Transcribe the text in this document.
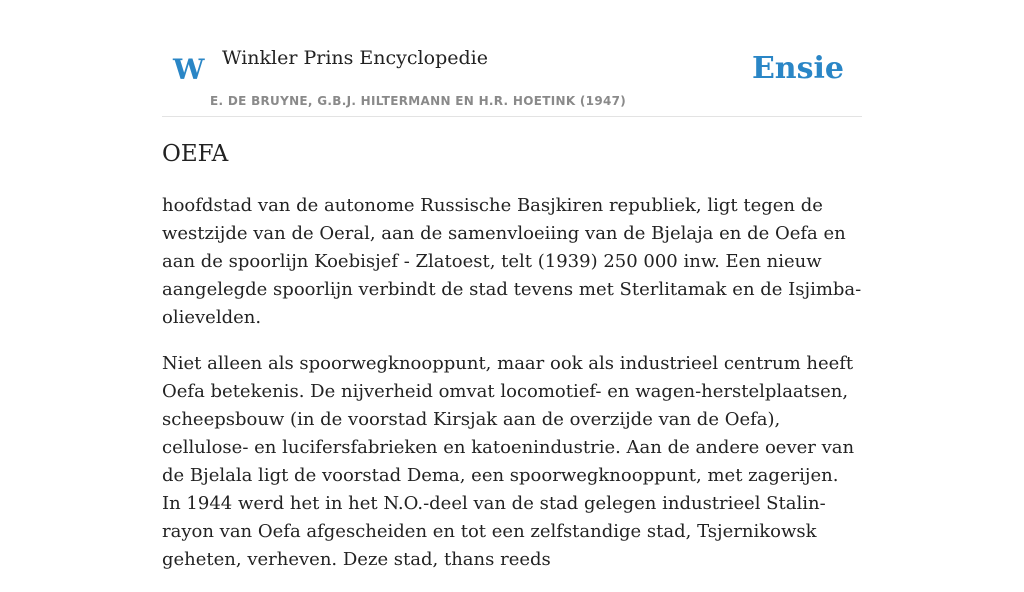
W Winkler Prins Encyclopedie	Ensie
E. DE BRUYNE, G.B.J. HILTERMANN EN H.R. HOETINK (1947)
OEFA

hoofdstad van de autonome Russische Basjkiren republiek, ligt tegen de westzijde van de Oeral, aan de samenvloeiing van de Bjelaja en de Oefa en aan de spoorlijn Koebisjef - Zlatoest, telt (1939) 250 000 inw. Een nieuw aangelegde spoorlijn verbindt de stad tevens met Sterlitamak en de Isjimba-olievelden.

Niet alleen als spoorwegknooppunt, maar ook als industrieel centrum heeft Oefa betekenis. De nijverheid omvat locomotief- en wagen-herstelplaatsen, scheepsbouw (in de voorstad Kirsjak aan de overzijde van de Oefa), cellulose- en lucifersfabrieken en katoenindustrie. Aan de andere oever van de Bjelala ligt de voorstad Dema, een spoorwegknooppunt, met zagerijen. In 1944 werd het in het N.O.-deel van de stad gelegen industrieel Stalin-rayon van Oefa afgescheiden en tot een zelfstandige stad, Tsjernikowsk geheten, verheven. Deze stad, thans reeds
